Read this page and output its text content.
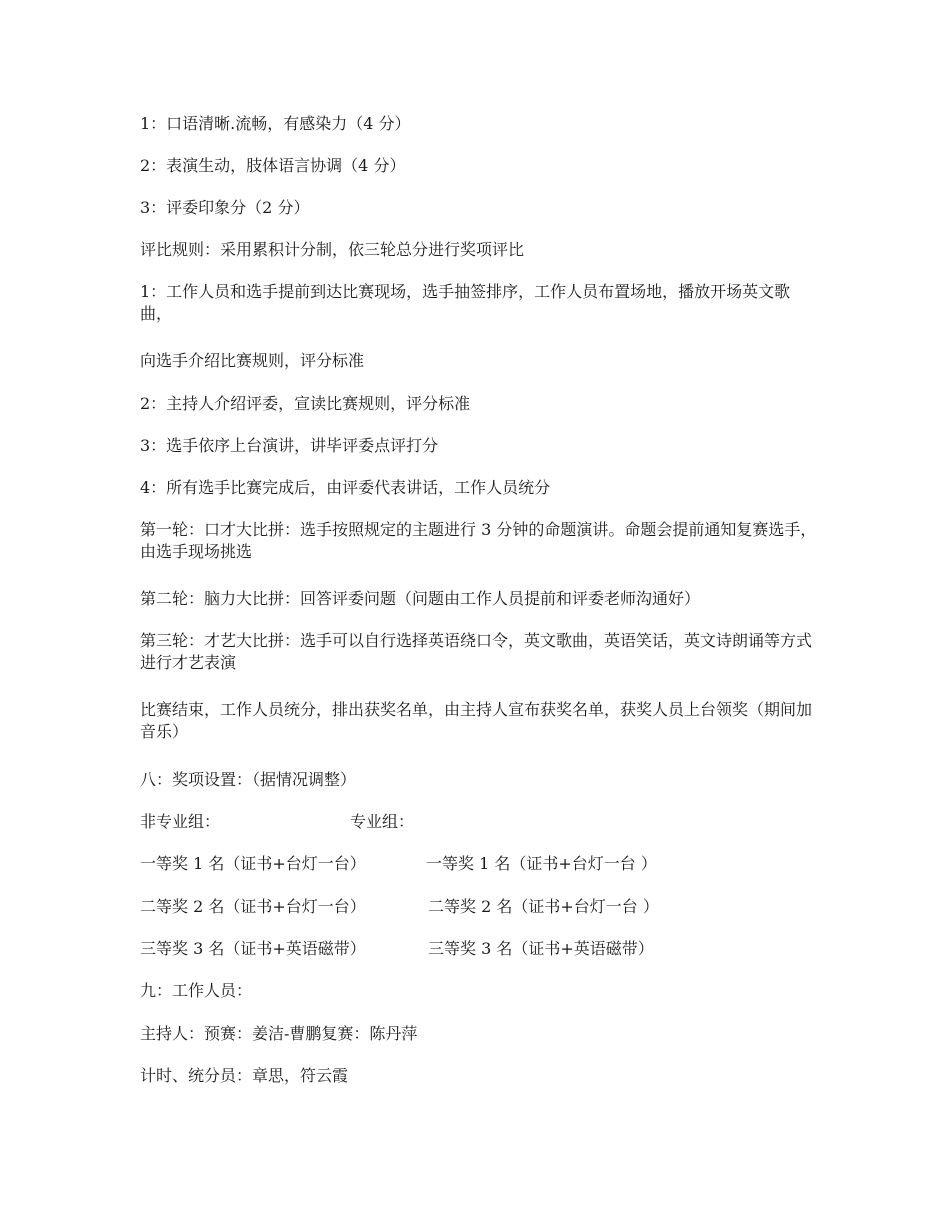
1：口语清晰.流畅，有感染力（4 分）
2：表演生动，肢体语言协调（4 分）
3：评委印象分（2 分）
评比规则：采用累积计分制，依三轮总分进行奖项评比
1：工作人员和选手提前到达比赛现场，选手抽签排序，工作人员布置场地，播放开场英文歌曲，
向选手介绍比赛规则，评分标准
2：主持人介绍评委，宣读比赛规则，评分标准
3：选手依序上台演讲，讲毕评委点评打分
4：所有选手比赛完成后，由评委代表讲话，工作人员统分
第一轮：口才大比拼：选手按照规定的主题进行 3 分钟的命题演讲。命题会提前通知复赛选手，由选手现场挑选
第二轮：脑力大比拼：回答评委问题（问题由工作人员提前和评委老师沟通好）
第三轮：才艺大比拼：选手可以自行选择英语绕口令，英文歌曲，英语笑话，英文诗朗诵等方式进行才艺表演
比赛结束，工作人员统分，排出获奖名单，由主持人宣布获奖名单，获奖人员上台领奖（期间加音乐）
八：奖项设置：（据情况调整）
非专业组：	专业组：
一等奖 1 名（证书+台灯一台）	一等奖 1 名（证书+台灯一台 ）
二等奖 2 名（证书+台灯一台）	二等奖 2 名（证书+台灯一台 ）
三等奖 3 名（证书+英语磁带）	三等奖 3 名（证书+英语磁带）
九：工作人员：
主持人：预赛：姜洁-曹鹏复赛：陈丹萍
计时、统分员：章思，符云霞
